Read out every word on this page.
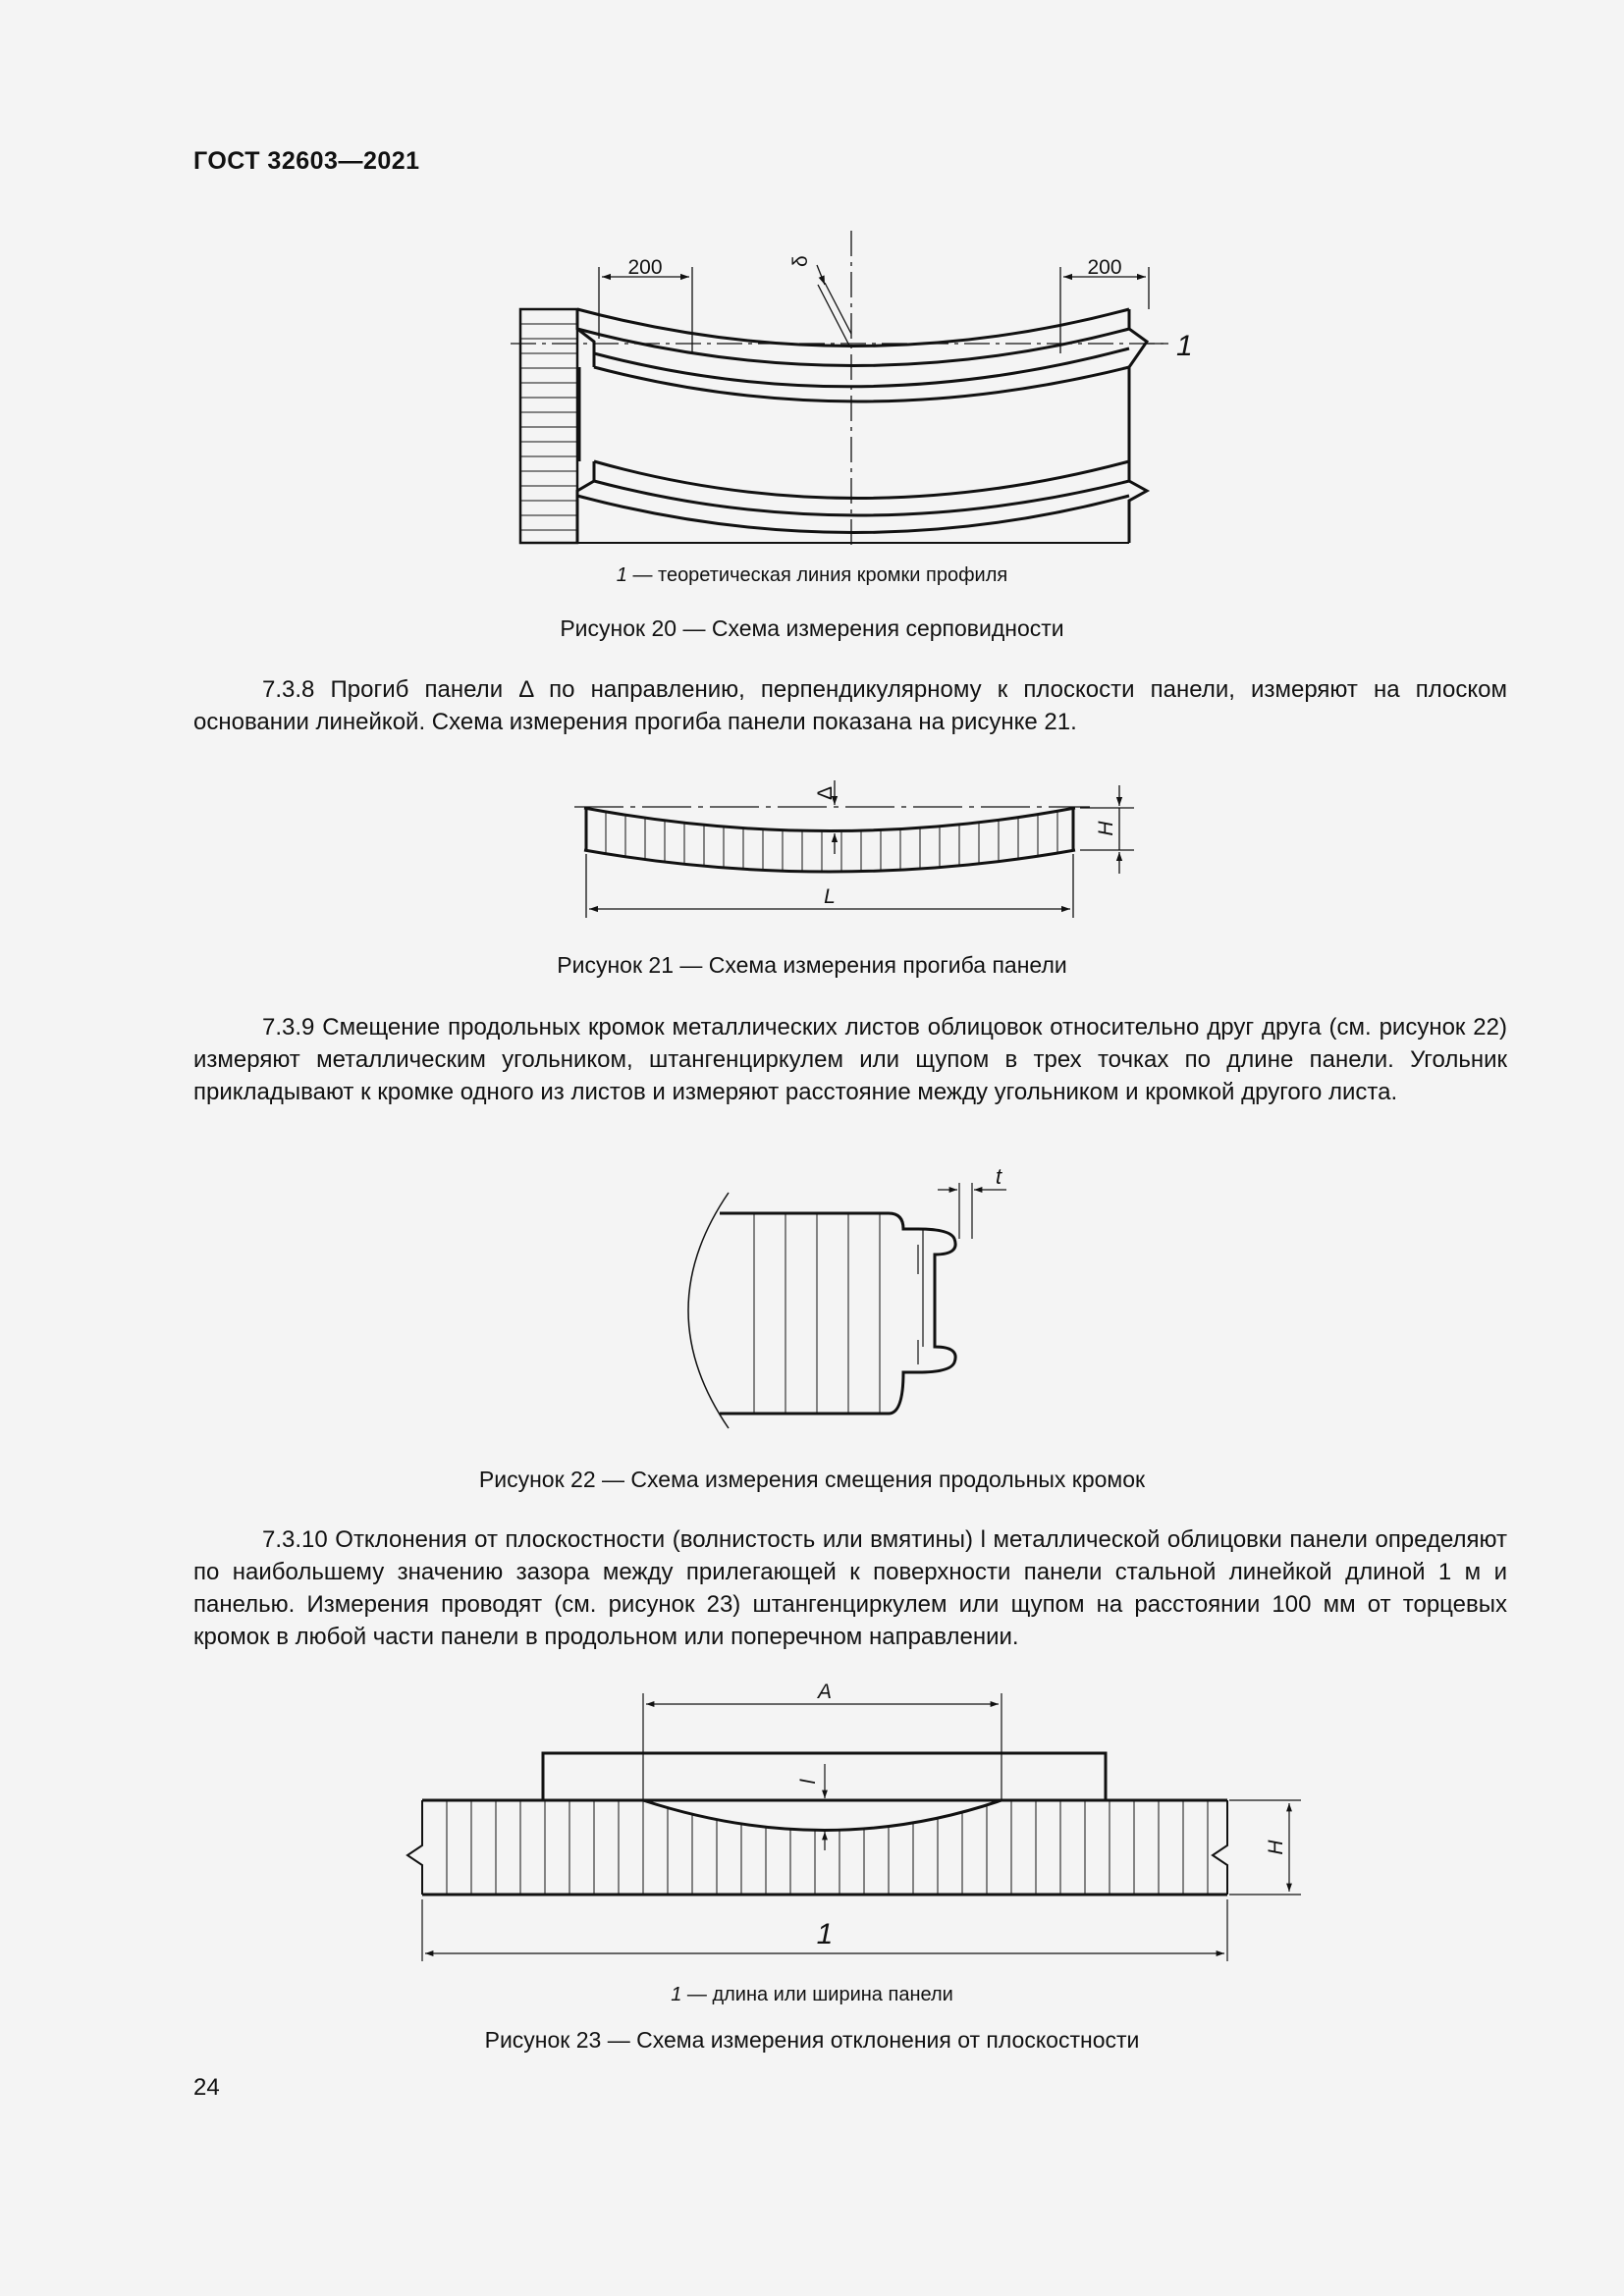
ГОСТ 32603—2021
200	200
δ
1
1 — теоретическая линия кромки профиля
Рисунок 20 — Схема измерения серповидности

7.3.8 Прогиб панели Δ по направлению, перпендикулярному к плоскости панели, измеряют на плоском основании линейкой. Схема измерения прогиба панели показана на рисунке 21.

Δ
H
L
Рисунок 21 — Схема измерения прогиба панели

7.3.9 Смещение продольных кромок металлических листов облицовок относительно друг друга (см. рисунок 22) измеряют металлическим угольником, штангенциркулем или щупом в трех точках по длине панели. Угольник прикладывают к кромке одного из листов и измеряют расстояние между угольником и кромкой другого листа.

t
Рисунок 22 — Схема измерения смещения продольных кромок

7.3.10 Отклонения от плоскостности (волнистость или вмятины) l металлической облицовки панели определяют по наибольшему значению зазора между прилегающей к поверхности панели стальной линейкой длиной 1 м и панелью. Измерения проводят (см. рисунок 23) штангенциркулем или щупом на расстоянии 100 мм от торцевых кромок в любой части панели в продольном или поперечном направлении.

A
l
H
1
1 — длина или ширина панели
Рисунок 23 — Схема измерения отклонения от плоскостности
24
